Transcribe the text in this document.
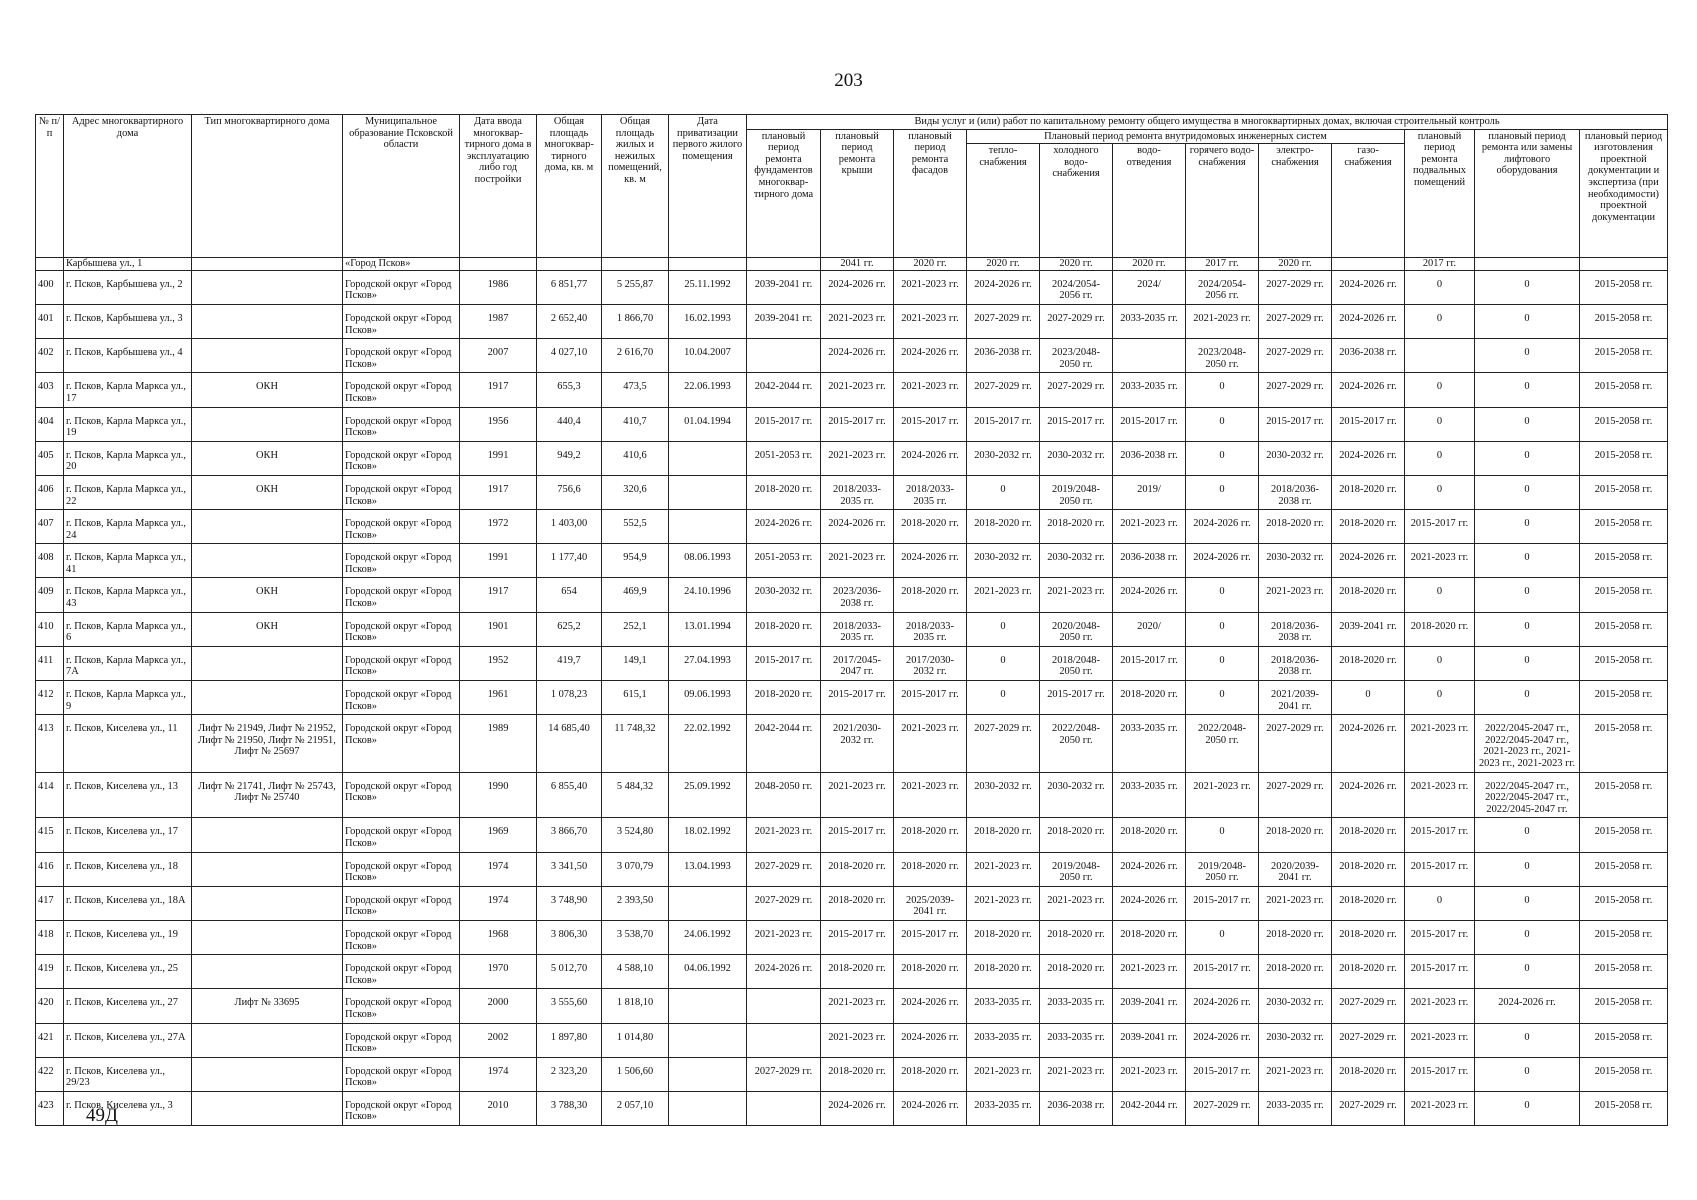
203
№ п/п	Адрес многоквартирного дома	Тип многоквартирного дома	Муниципальное образование Псковской области	Дата ввода многоквар-тирного дома в эксплуатацию либо год постройки	Общая площадь многоквар-тирного дома, кв. м	Общая площадь жилых и нежилых помещений, кв. м	Дата приватизации первого жилого помещения	Виды услуг и (или) работ по капитальному ремонту общего имущества в многоквартирных домах, включая строительный контроль											
								плановый период ремонта фундаментов многоквар-тирного дома	плановый период ремонта крыши	плановый период ремонта фасадов	Плановый период ремонта внутридомовых инженерных систем						плановый период ремонта подвальных помещений	плановый период ремонта или замены лифтового оборудования	плановый период изготовления проектной документации и экспертиза (при необходимости) проектной документации
											тепло-снабжения	холодного водо-снабжения	водо-отведения	горячего водо-снабжения	электро-снабжения	газо-снабжения			
	Карбышева ул., 1		«Город Псков»						2041 гг.	2020 гг.	2020 гг.	2020 гг.	2020 гг.	2017 гг.	2020 гг.		2017 гг.		
400	г. Псков, Карбышева ул., 2		Городской округ «Город Псков»	1986	6 851,77	5 255,87	25.11.1992	2039-2041 гг.	2024-2026 гг.	2021-2023 гг.	2024-2026 гг.	2024/2054-2056 гг.	2024/	2024/2054-2056 гг.	2027-2029 гг.	2024-2026 гг.	0	0	2015-2058 гг.
401	г. Псков, Карбышева ул., 3		Городской округ «Город Псков»	1987	2 652,40	1 866,70	16.02.1993	2039-2041 гг.	2021-2023 гг.	2021-2023 гг.	2027-2029 гг.	2027-2029 гг.	2033-2035 гг.	2021-2023 гг.	2027-2029 гг.	2024-2026 гг.	0	0	2015-2058 гг.
402	г. Псков, Карбышева ул., 4		Городской округ «Город Псков»	2007	4 027,10	2 616,70	10.04.2007		2024-2026 гг.	2024-2026 гг.	2036-2038 гг.	2023/2048-2050 гг.		2023/2048-2050 гг.	2027-2029 гг.	2036-2038 гг.		0	2015-2058 гг.
403	г. Псков, Карла Маркса ул., 17	ОКН	Городской округ «Город Псков»	1917	655,3	473,5	22.06.1993	2042-2044 гг.	2021-2023 гг.	2021-2023 гг.	2027-2029 гг.	2027-2029 гг.	2033-2035 гг.	0	2027-2029 гг.	2024-2026 гг.	0	0	2015-2058 гг.
404	г. Псков, Карла Маркса ул., 19		Городской округ «Город Псков»	1956	440,4	410,7	01.04.1994	2015-2017 гг.	2015-2017 гг.	2015-2017 гг.	2015-2017 гг.	2015-2017 гг.	2015-2017 гг.	0	2015-2017 гг.	2015-2017 гг.	0	0	2015-2058 гг.
405	г. Псков, Карла Маркса ул., 20	ОКН	Городской округ «Город Псков»	1991	949,2	410,6		2051-2053 гг.	2021-2023 гг.	2024-2026 гг.	2030-2032 гг.	2030-2032 гг.	2036-2038 гг.	0	2030-2032 гг.	2024-2026 гг.	0	0	2015-2058 гг.
406	г. Псков, Карла Маркса ул., 22	ОКН	Городской округ «Город Псков»	1917	756,6	320,6		2018-2020 гг.	2018/2033-2035 гг.	2018/2033-2035 гг.	0	2019/2048-2050 гг.	2019/	0	2018/2036-2038 гг.	2018-2020 гг.	0	0	2015-2058 гг.
407	г. Псков, Карла Маркса ул., 24		Городской округ «Город Псков»	1972	1 403,00	552,5		2024-2026 гг.	2024-2026 гг.	2018-2020 гг.	2018-2020 гг.	2018-2020 гг.	2021-2023 гг.	2024-2026 гг.	2018-2020 гг.	2018-2020 гг.	2015-2017 гг.	0	2015-2058 гг.
408	г. Псков, Карла Маркса ул., 41		Городской округ «Город Псков»	1991	1 177,40	954,9	08.06.1993	2051-2053 гг.	2021-2023 гг.	2024-2026 гг.	2030-2032 гг.	2030-2032 гг.	2036-2038 гг.	2024-2026 гг.	2030-2032 гг.	2024-2026 гг.	2021-2023 гг.	0	2015-2058 гг.
409	г. Псков, Карла Маркса ул., 43	ОКН	Городской округ «Город Псков»	1917	654	469,9	24.10.1996	2030-2032 гг.	2023/2036-2038 гг.	2018-2020 гг.	2021-2023 гг.	2021-2023 гг.	2024-2026 гг.	0	2021-2023 гг.	2018-2020 гг.	0	0	2015-2058 гг.
410	г. Псков, Карла Маркса ул., 6	ОКН	Городской округ «Город Псков»	1901	625,2	252,1	13.01.1994	2018-2020 гг.	2018/2033-2035 гг.	2018/2033-2035 гг.	0	2020/2048-2050 гг.	2020/	0	2018/2036-2038 гг.	2039-2041 гг.	2018-2020 гг.	0	2015-2058 гг.
411	г. Псков, Карла Маркса ул., 7А		Городской округ «Город Псков»	1952	419,7	149,1	27.04.1993	2015-2017 гг.	2017/2045-2047 гг.	2017/2030-2032 гг.	0	2018/2048-2050 гг.	2015-2017 гг.	0	2018/2036-2038 гг.	2018-2020 гг.	0	0	2015-2058 гг.
412	г. Псков, Карла Маркса ул., 9		Городской округ «Город Псков»	1961	1 078,23	615,1	09.06.1993	2018-2020 гг.	2015-2017 гг.	2015-2017 гг.	0	2015-2017 гг.	2018-2020 гг.	0	2021/2039-2041 гг.	0	0	0	2015-2058 гг.
413	г. Псков, Киселева ул., 11	Лифт № 21949, Лифт № 21952, Лифт № 21950, Лифт № 21951, Лифт № 25697	Городской округ «Город Псков»	1989	14 685,40	11 748,32	22.02.1992	2042-2044 гг.	2021/2030-2032 гг.	2021-2023 гг.	2027-2029 гг.	2022/2048-2050 гг.	2033-2035 гг.	2022/2048-2050 гг.	2027-2029 гг.	2024-2026 гг.	2021-2023 гг.	2022/2045-2047 гг., 2022/2045-2047 гг., 2021-2023 гг., 2021-2023 гг., 2021-2023 гг.	2015-2058 гг.
414	г. Псков, Киселева ул., 13	Лифт № 21741, Лифт № 25743, Лифт № 25740	Городской округ «Город Псков»	1990	6 855,40	5 484,32	25.09.1992	2048-2050 гг.	2021-2023 гг.	2021-2023 гг.	2030-2032 гг.	2030-2032 гг.	2033-2035 гг.	2021-2023 гг.	2027-2029 гг.	2024-2026 гг.	2021-2023 гг.	2022/2045-2047 гг., 2022/2045-2047 гг., 2022/2045-2047 гг.	2015-2058 гг.
415	г. Псков, Киселева ул., 17		Городской округ «Город Псков»	1969	3 866,70	3 524,80	18.02.1992	2021-2023 гг.	2015-2017 гг.	2018-2020 гг.	2018-2020 гг.	2018-2020 гг.	2018-2020 гг.	0	2018-2020 гг.	2018-2020 гг.	2015-2017 гг.	0	2015-2058 гг.
416	г. Псков, Киселева ул., 18		Городской округ «Город Псков»	1974	3 341,50	3 070,79	13.04.1993	2027-2029 гг.	2018-2020 гг.	2018-2020 гг.	2021-2023 гг.	2019/2048-2050 гг.	2024-2026 гг.	2019/2048-2050 гг.	2020/2039-2041 гг.	2018-2020 гг.	2015-2017 гг.	0	2015-2058 гг.
417	г. Псков, Киселева ул., 18А		Городской округ «Город Псков»	1974	3 748,90	2 393,50		2027-2029 гг.	2018-2020 гг.	2025/2039-2041 гг.	2021-2023 гг.	2021-2023 гг.	2024-2026 гг.	2015-2017 гг.	2021-2023 гг.	2018-2020 гг.	0	0	2015-2058 гг.
418	г. Псков, Киселева ул., 19		Городской округ «Город Псков»	1968	3 806,30	3 538,70	24.06.1992	2021-2023 гг.	2015-2017 гг.	2015-2017 гг.	2018-2020 гг.	2018-2020 гг.	2018-2020 гг.	0	2018-2020 гг.	2018-2020 гг.	2015-2017 гг.	0	2015-2058 гг.
419	г. Псков, Киселева ул., 25		Городской округ «Город Псков»	1970	5 012,70	4 588,10	04.06.1992	2024-2026 гг.	2018-2020 гг.	2018-2020 гг.	2018-2020 гг.	2018-2020 гг.	2021-2023 гг.	2015-2017 гг.	2018-2020 гг.	2018-2020 гг.	2015-2017 гг.	0	2015-2058 гг.
420	г. Псков, Киселева ул., 27	Лифт № 33695	Городской округ «Город Псков»	2000	3 555,60	1 818,10			2021-2023 гг.	2024-2026 гг.	2033-2035 гг.	2033-2035 гг.	2039-2041 гг.	2024-2026 гг.	2030-2032 гг.	2027-2029 гг.	2021-2023 гг.	2024-2026 гг.	2015-2058 гг.
421	г. Псков, Киселева ул., 27А		Городской округ «Город Псков»	2002	1 897,80	1 014,80			2021-2023 гг.	2024-2026 гг.	2033-2035 гг.	2033-2035 гг.	2039-2041 гг.	2024-2026 гг.	2030-2032 гг.	2027-2029 гг.	2021-2023 гг.	0	2015-2058 гг.
422	г. Псков, Киселева ул., 29/23		Городской округ «Город Псков»	1974	2 323,20	1 506,60		2027-2029 гг.	2018-2020 гг.	2018-2020 гг.	2021-2023 гг.	2021-2023 гг.	2021-2023 гг.	2015-2017 гг.	2021-2023 гг.	2018-2020 гг.	2015-2017 гг.	0	2015-2058 гг.
423	г. Псков, Киселева ул., 3		Городской округ «Город Псков»	2010	3 788,30	2 057,10			2024-2026 гг.	2024-2026 гг.	2033-2035 гг.	2036-2038 гг.	2042-2044 гг.	2027-2029 гг.	2033-2035 гг.	2027-2029 гг.	2021-2023 гг.	0	2015-2058 гг.
49Д
